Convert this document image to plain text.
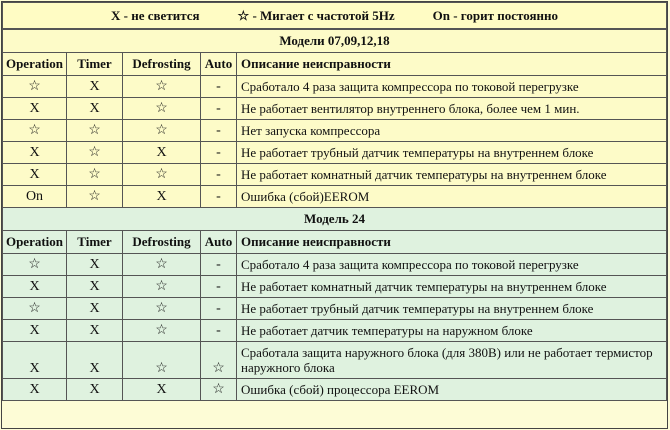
X - не светится ☆ - Мигает с частотой 5Hz On - горит постоянно				

Модели 07,09,12,18				
Operation	Timer	Defrosting	Auto	Описание неисправности
☆	X	☆	-	Сработало 4 раза защита компрессора по токовой перегрузке
X	X	☆	-	Не работает вентилятор внутреннего блока, более чем 1 мин.
☆	☆	☆	-	Нет запуска компрессора
X	☆	X	-	Не работает трубный датчик температуры на внутреннем блоке
X	☆	☆	-	Не работает комнатный датчик температуры на внутреннем блоке
On	☆	X	-	Ошибка (сбой)EEROM
Модель 24				
Operation	Timer	Defrosting	Auto	Описание неисправности
☆	X	☆	-	Сработало 4 раза защита компрессора по токовой перегрузке
X	X	☆	-	Не работает комнатный датчик температуры на внутреннем блоке
☆	X	☆	-	Не работает трубный датчик температуры на внутреннем блоке
X	X	☆	-	Не работает датчик температуры на наружном блоке
X	X	☆	☆	Сработала защита наружного блока (для 380В) или не работает термистор наружного блока
X	X	X	☆	Ошибка (сбой) процессора EEROM
